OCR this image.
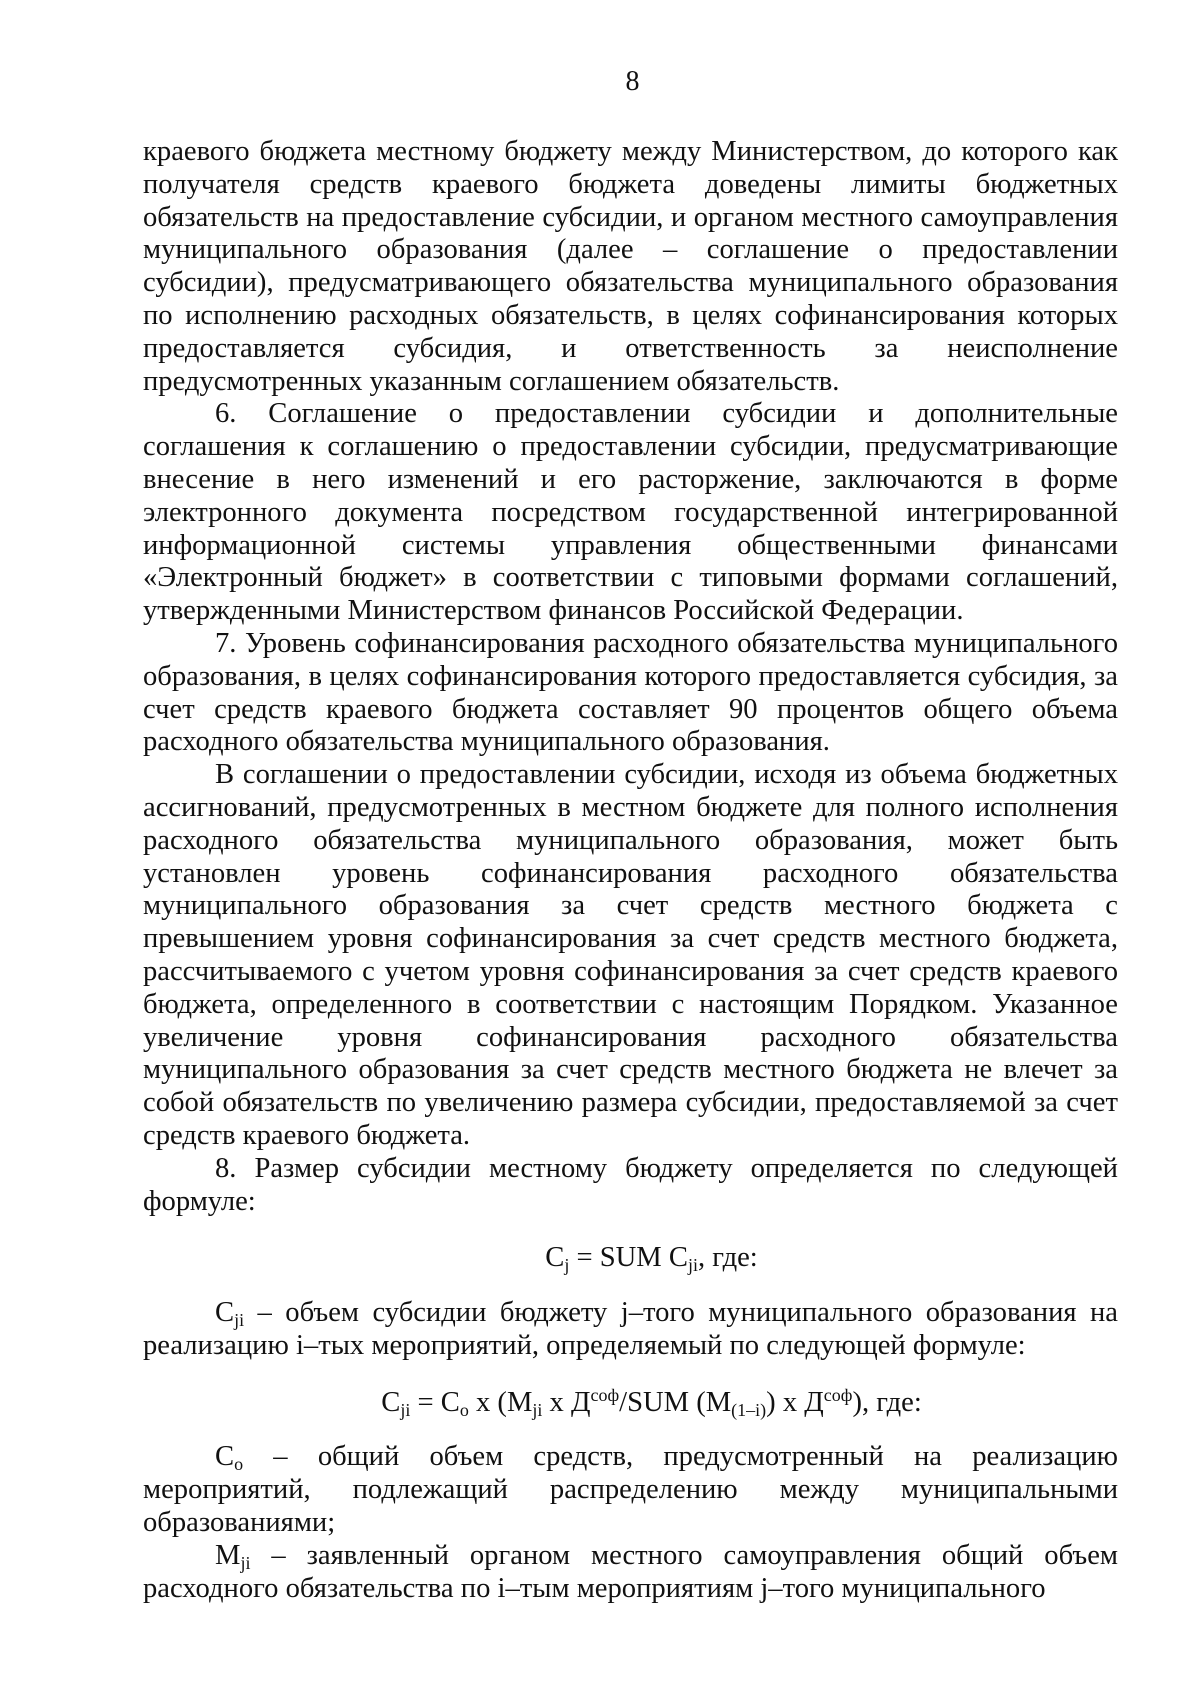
8

краевого бюджета местному бюджету между Министерством, до которого как получателя средств краевого бюджета доведены лимиты бюджетных обязательств на предоставление субсидии, и органом местного самоуправления муниципального образования (далее – соглашение о предоставлении субсидии), предусматривающего обязательства муниципального образования по исполнению расходных обязательств, в целях софинансирования которых предоставляется субсидия, и ответственность за неисполнение предусмотренных указанным соглашением обязательств.

6. Соглашение о предоставлении субсидии и дополнительные соглашения к соглашению о предоставлении субсидии, предусматривающие внесение в него изменений и его расторжение, заключаются в форме электронного документа посредством государственной интегрированной информационной системы управления общественными финансами «Электронный бюджет» в соответствии с типовыми формами соглашений, утвержденными Министерством финансов Российской Федерации.

7. Уровень софинансирования расходного обязательства муниципального образования, в целях софинансирования которого предоставляется субсидия, за счет средств краевого бюджета составляет 90 процентов общего объема расходного обязательства муниципального образования.

В соглашении о предоставлении субсидии, исходя из объема бюджетных ассигнований, предусмотренных в местном бюджете для полного исполнения расходного обязательства муниципального образования, может быть установлен уровень софинансирования расходного обязательства муниципального образования за счет средств местного бюджета с превышением уровня софинансирования за счет средств местного бюджета, рассчитываемого с учетом уровня софинансирования за счет средств краевого бюджета, определенного в соответствии с настоящим Порядком. Указанное увеличение уровня софинансирования расходного обязательства муниципального образования за счет средств местного бюджета не влечет за собой обязательств по увеличению размера субсидии, предоставляемой за счет средств краевого бюджета.

8. Размер субсидии местному бюджету определяется по следующей формуле:

$C_j$ = SUM $C_{ji}$, где:

$C_{ji}$ – объем субсидии бюджету j–того муниципального образования на реализацию i–тых мероприятий, определяемый по следующей формуле:

$C_{ji} = C_o$ х ($M_{ji}$ х $Д^{соф}$/SUM $(M_{(1-i)})$ х $Д^{соф}$), где:

$C_o$ – общий объем средств, предусмотренный на реализацию мероприятий, подлежащий распределению между муниципальными образованиями;

$M_{ji}$ – заявленный органом местного самоуправления общий объем расходного обязательства по i–тым мероприятиям j–того муниципального
